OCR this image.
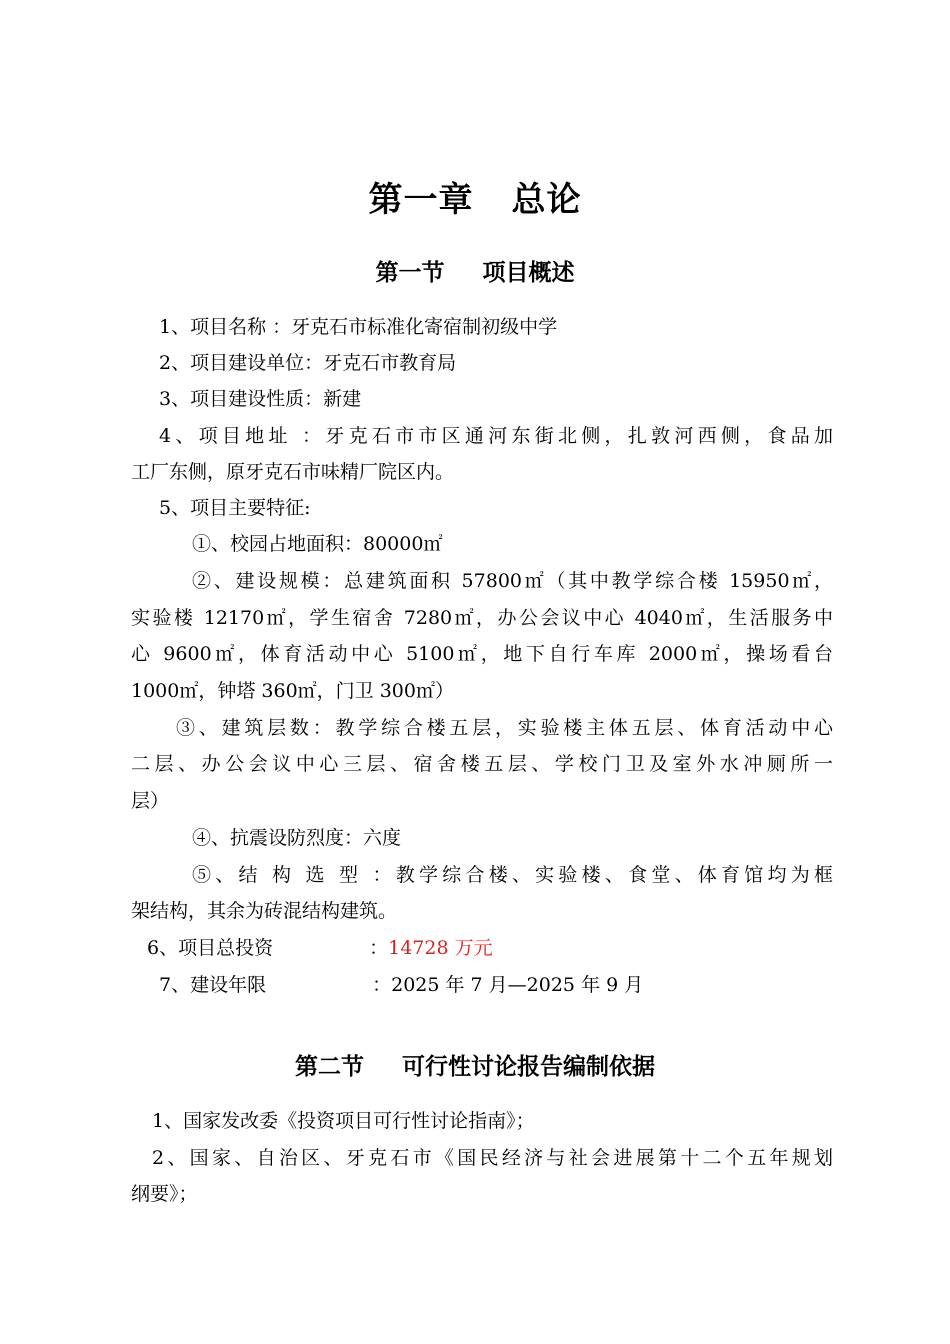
第一章 总论
第一节 项目概述
1、项目名称 ：牙克石市标准化寄宿制初级中学
2、项目建设单位：牙克石市教育局
3、项目建设性质：新建
4、项目地址 ：牙克石市市区通河东街北侧，扎敦河西侧，食品加
工厂东侧，原牙克石市味精厂院区内。
5、项目主要特征:
①、校园占地面积：80000㎡
②、建设规模：总建筑面积 57800㎡（其中教学综合楼 15950㎡，
实验楼 12170㎡，学生宿舍 7280㎡，办公会议中心 4040㎡，生活服务中
心 9600㎡，体育活动中心 5100㎡，地下自行车库 2000㎡，操场看台
1000㎡，钟塔 360㎡，门卫 300㎡）
③、建筑层数：教学综合楼五层，实验楼主体五层、体育活动中心
二层、办公会议中心三层、宿舍楼五层、学校门卫及室外水冲厕所一
层）
④、抗震设防烈度：六度
⑤、结 构 选 型 ：教学综合楼、实验楼、食堂、体育馆均为框
架结构，其余为砖混结构建筑。
6、项目总投资	：14728 万元
7、建设年限	：2025 年 7 月—2025 年 9 月
第二节 可行性讨论报告编制依据
1、国家发改委《投资项目可行性讨论指南》；
2、国家、自治区、牙克石市《国民经济与社会进展第十二个五年规划
纲要》；
